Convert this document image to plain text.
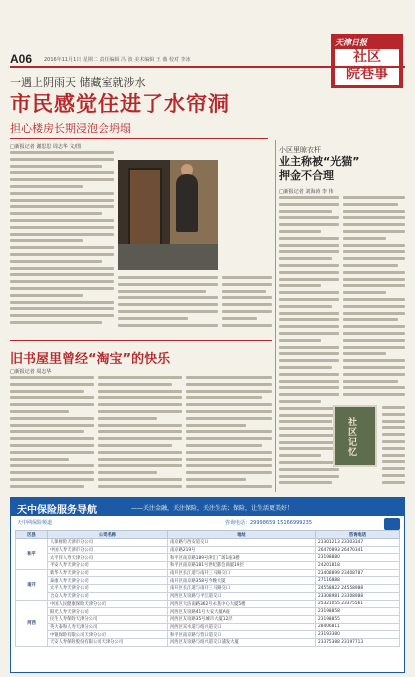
天津日报
社区
院巷事
A06 2016年11月1日 星期二 责任编辑 冯 波 美术编辑 王 薇 校对 李冰
一遇上阴雨天 储藏室就涉水
市民感觉住进了水帘洞
担心楼房长期浸泡会坍塌
□新报记者 谢思思 周志华 文/图
旧书屋里曾经“淘宝”的快乐
□新报记者 周志华
小区里晾衣杆
业主称被“光猫”
押金不合理
□新报记者 刘海涛 李 伟
社区记忆
天中保险服务导航	——关注金融，关注保险，关注生活；保险，让生活更美好！
天中网保险频道	咨询电话：29998659 15166999235
区县	公司名称	地址	咨询电话
和平	人保财险天津市分公司	南京路与西安道交口	23301213 23303347
	中国人寿天津市分公司	南京路219号	26470893 26470341
	太平洋人寿天津分公司	和平区南京路189号津汇广场1座3楼	23198880
	平安人寿天津分公司	和平区南京路181号世纪都会商厦19层	24201818
南开	新华人寿天津分公司	南开区长江道与南开三马路交口	23408899 23408787
	泰康人寿天津分公司	南开区南京路358号今晚大厦	27116888
	太平人寿天津分公司	南开区长江道与南开三马路交口	24558822 24558988
	合众人寿天津分公司	河西区友谊路与平江道交口	23308981 23308988
河西	中国人民健康保险天津分公司	河西区大沽南路362号永基中心大厦5楼	25321055 23375561
	阳光人寿天津分公司	河西区友谊路41号大安大厦A座	23198858
	民生人寿保险天津分公司	河西区友谊路35号城市大厦12层	23198855
	英大泰和人寿天津分公司	河西区宾水道与绍兴道交口	28406811
	中银保险有限公司天津分公司	和平区南京路与营口道交口	23193380
	天安人寿保险股份有限公司天津分公司	河西区友谊路与绍兴道交口浦发大厦	23375388 23197713
